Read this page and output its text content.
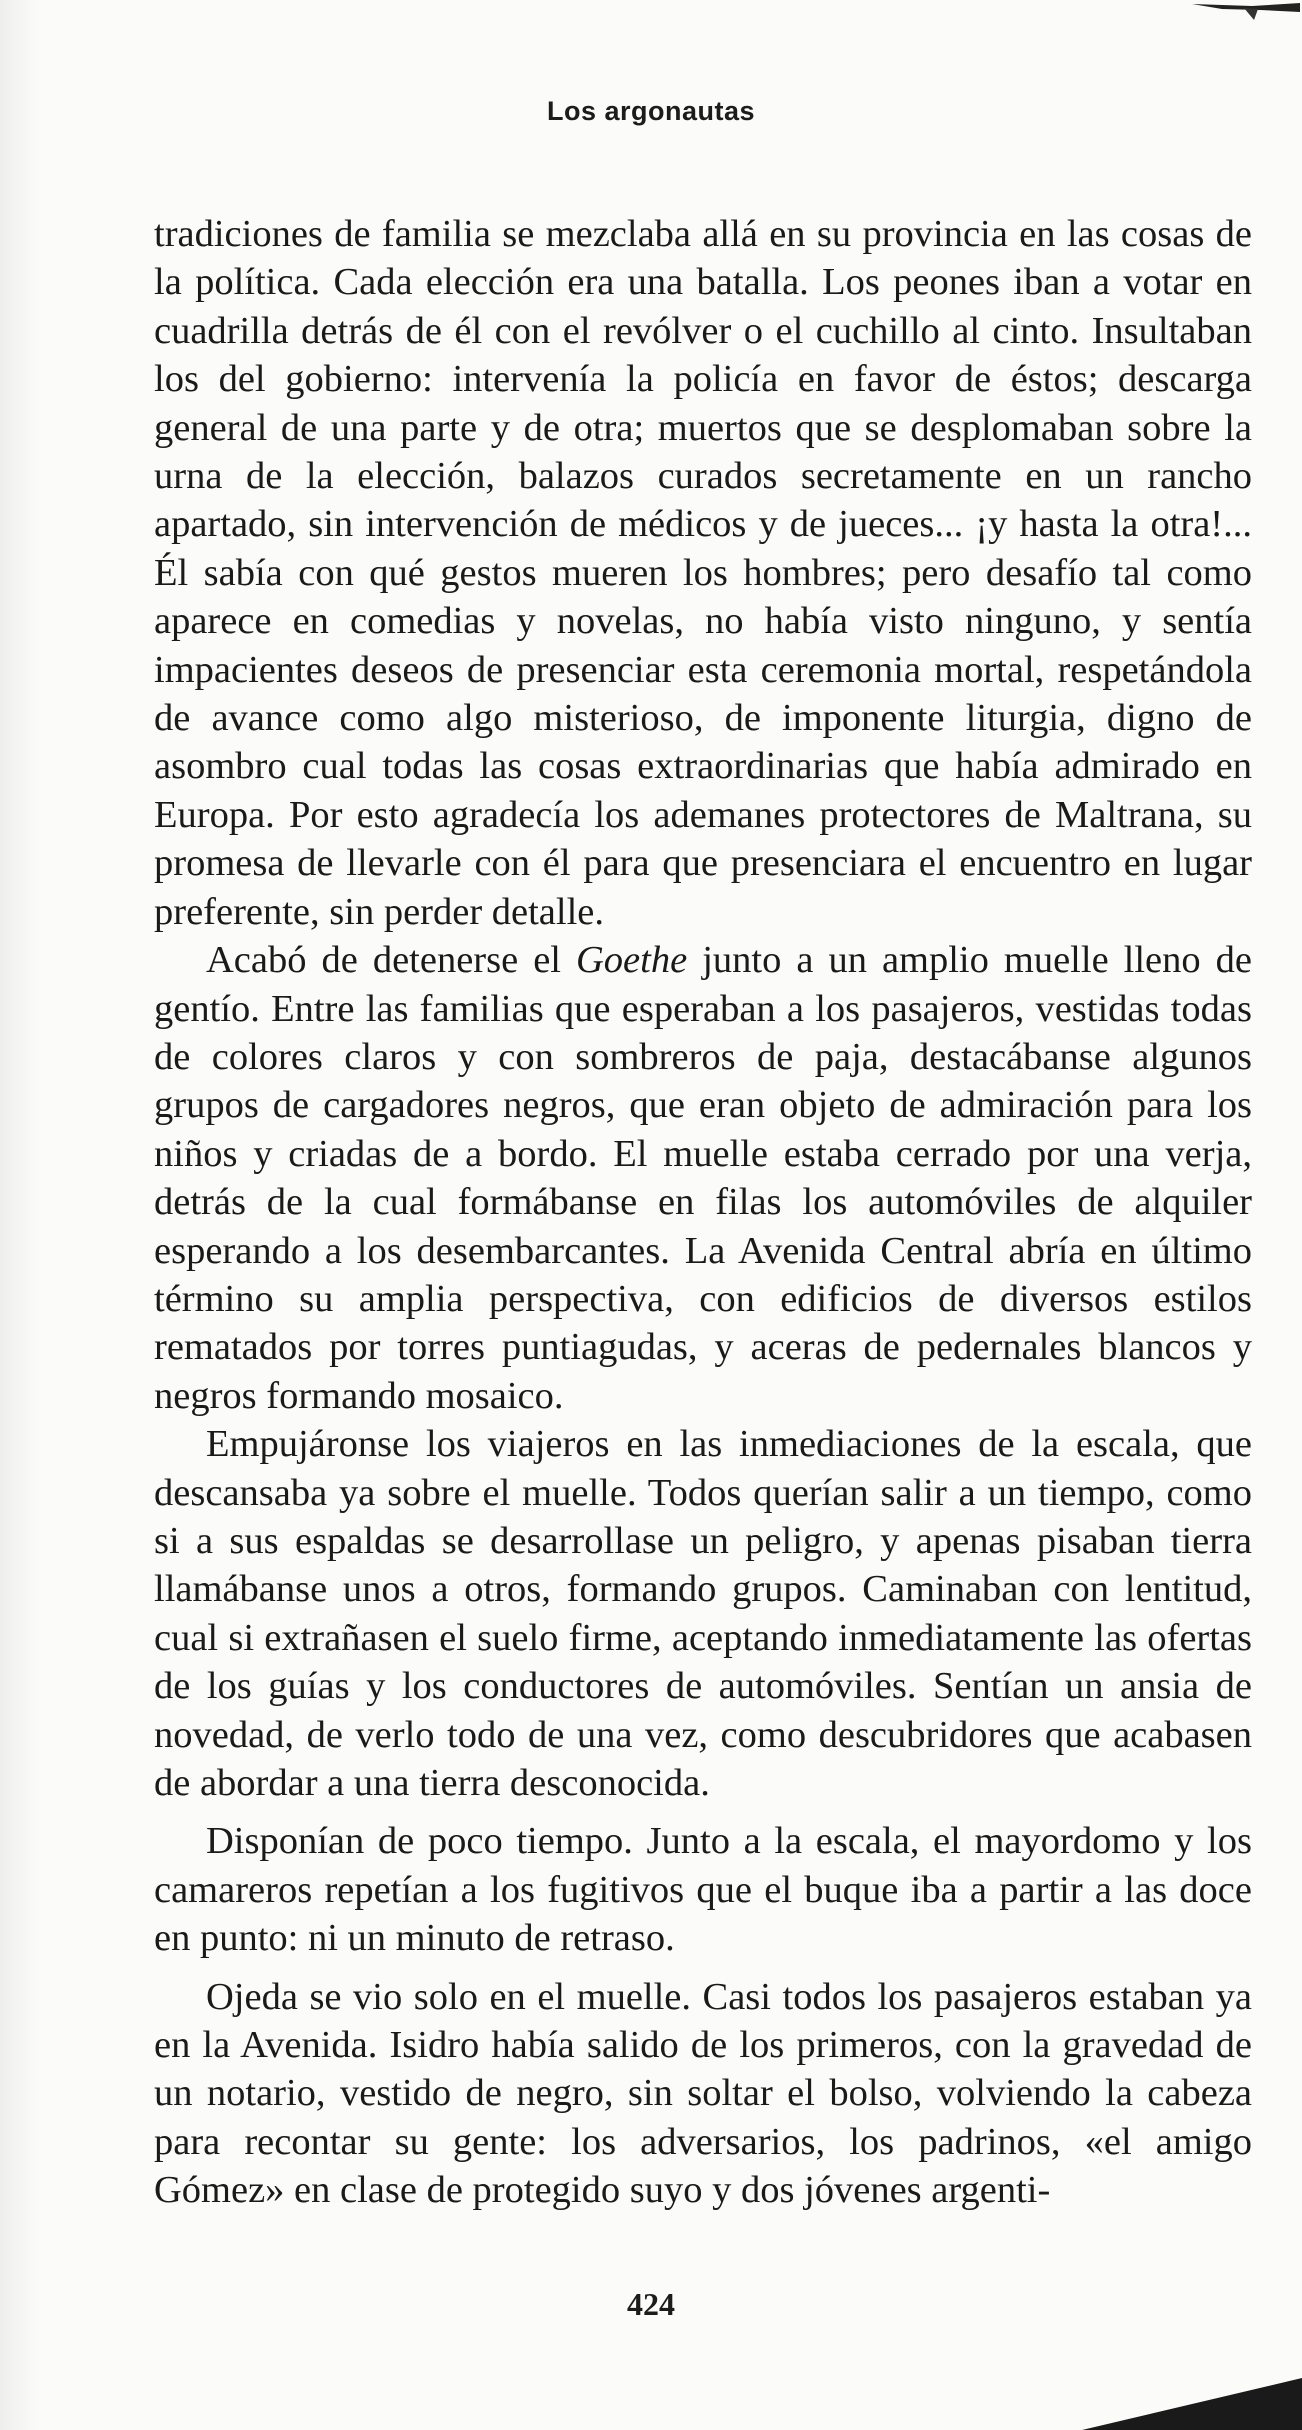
Los argonautas

tradiciones de familia se mezclaba allá en su provincia en las cosas de la política. Cada elección era una batalla. Los peones iban a votar en cuadrilla detrás de él con el revólver o el cuchillo al cinto. Insultaban los del gobierno: intervenía la policía en favor de éstos; descarga general de una parte y de otra; muertos que se desplomaban sobre la urna de la elección, balazos curados secretamente en un rancho apartado, sin intervención de médicos y de jueces... ¡y hasta la otra!... Él sabía con qué gestos mueren los hombres; pero desafío tal como aparece en comedias y novelas, no había visto ninguno, y sentía impacientes deseos de presenciar esta ceremonia mortal, respetándola de avance como algo misterioso, de imponente liturgia, digno de asombro cual todas las cosas extraordinarias que había admirado en Europa. Por esto agradecía los ademanes protectores de Maltrana, su promesa de llevarle con él para que presenciara el encuentro en lugar preferente, sin perder detalle.

Acabó de detenerse el Goethe junto a un amplio muelle lleno de gentío. Entre las familias que esperaban a los pasajeros, vestidas todas de colores claros y con sombreros de paja, destacábanse algunos grupos de cargadores negros, que eran objeto de admiración para los niños y criadas de a bordo. El muelle estaba cerrado por una verja, detrás de la cual formábanse en filas los automóviles de alquiler esperando a los desembarcantes. La Avenida Central abría en último término su amplia perspectiva, con edificios de diversos estilos rematados por torres puntiagudas, y aceras de pedernales blancos y negros formando mosaico.

Empujáronse los viajeros en las inmediaciones de la escala, que descansaba ya sobre el muelle. Todos querían salir a un tiempo, como si a sus espaldas se desarrollase un peligro, y apenas pisaban tierra llamábanse unos a otros, formando grupos. Caminaban con lentitud, cual si extrañasen el suelo firme, aceptando inmediatamente las ofertas de los guías y los conductores de automóviles. Sentían un ansia de novedad, de verlo todo de una vez, como descubridores que acabasen de abordar a una tierra desconocida.

Disponían de poco tiempo. Junto a la escala, el mayordomo y los camareros repetían a los fugitivos que el buque iba a partir a las doce en punto: ni un minuto de retraso.

Ojeda se vio solo en el muelle. Casi todos los pasajeros estaban ya en la Avenida. Isidro había salido de los primeros, con la gravedad de un notario, vestido de negro, sin soltar el bolso, volviendo la cabeza para recontar su gente: los adversarios, los padrinos, «el amigo Gómez» en clase de protegido suyo y dos jóvenes argenti-

424
